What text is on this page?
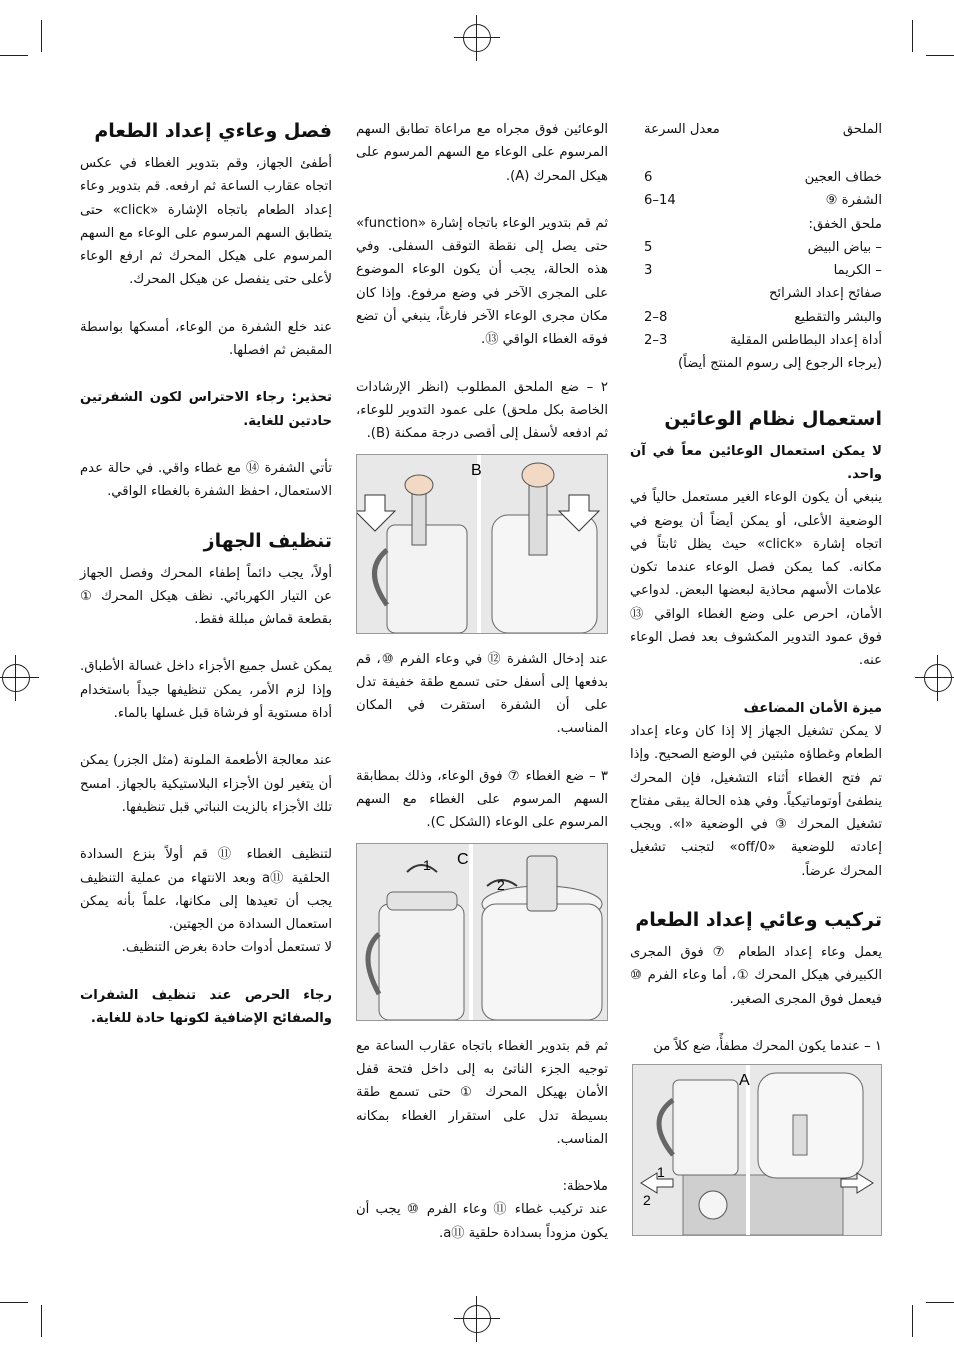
الملحق	معدل السرعة
خطاف العجين	6
الشفرة ⑨	6–14
ملحق الخفق:	
– بياض البيض	5
– الكريما	3
صفائح إعداد الشرائح	
والبشر والتقطيع	2–8
أداة إعداد البطاطس المقلية	2–3
(يرجاء الرجوع إلى رسوم المنتج أيضاً)
استعمال نظام الوعائين

لا يمكن استعمال الوعائين معاً في آن واحد.

ينبغي أن يكون الوعاء الغير مستعمل حالياً في الوضعية الأعلى، أو يمكن أيضاً أن يوضع في اتجاه إشارة «click» حيث يظل ثابتاً في مكانه. كما يمكن فصل الوعاء عندما تكون علامات الأسهم محاذية لبعضها البعض. لدواعي الأمان، احرص على وضع الغطاء الواقي ⑬ فوق عمود التدوير المكشوف بعد فصل الوعاء عنه.

ميزة الأمان المضاعف

لا يمكن تشغيل الجهاز إلا إذا كان وعاء إعداد الطعام وغطاؤه مثبتين في الوضع الصحيح. وإذا تم فتح الغطاء أثناء التشغيل، فإن المحرك ينطفئ أوتوماتيكياً. وفي هذه الحالة يبقى مفتاح تشغيل المحرك ③ في الوضعية «I». ويجب إعادته للوضعية «off/0» لتجنب تشغيل المحرك عرضاً.

تركيب وعائي إعداد الطعام

يعمل وعاء إعداد الطعام ⑦ فوق المجرى الكبيرفي هيكل المحرك ①، أما وعاء الفرم ⑩ فيعمل فوق المجرى الصغير.

١ – عندما يكون المحرك مطفأً، ضع كلاً من

A
1
2

الوعائين فوق مجراه مع مراعاة تطابق السهم المرسوم على الوعاء مع السهم المرسوم على هيكل المحرك (A).

ثم قم بتدوير الوعاء باتجاه إشارة «function» حتى يصل إلى نقطة التوقف السفلى. وفي هذه الحالة، يجب أن يكون الوعاء الموضوع على المجرى الآخر في وضع مرفوع. وإذا كان مكان مجرى الوعاء الآخر فارغاً، ينبغي أن تضع فوقه الغطاء الواقي ⑬.

٢ – ضع الملحق المطلوب (انظر الإرشادات الخاصة بكل ملحق) على عمود التدوير للوعاء، ثم ادفعه لأسفل إلى أقصى درجة ممكنة (B).

B

عند إدخال الشفرة ⑫ في وعاء الفرم ⑩، قم بدفعها إلى أسفل حتى تسمع طقة خفيفة تدل على أن الشفرة استقرت في المكان المناسب.

٣ – ضع الغطاء ⑦ فوق الوعاء، وذلك بمطابقة السهم المرسوم على الغطاء مع السهم المرسوم على الوعاء (الشكل C).

C
1
2

ثم قم بتدوير الغطاء باتجاه عقارب الساعة مع توجيه الجزء الناتئ به إلى داخل فتحة قفل الأمان بهيكل المحرك ① حتى تسمع طقة بسيطة تدل على استقرار الغطاء بمكانه المناسب.

ملاحظة:

عند تركيب غطاء ⑪ وعاء الفرم ⑩ يجب أن يكون مزوداً بسدادة حلقية ⑪a.

فصل وعاءي إعداد الطعام

أطفئ الجهاز، وقم بتدوير الغطاء في عكس اتجاه عقارب الساعة ثم ارفعه. قم بتدوير وعاء إعداد الطعام باتجاه الإشارة «click» حتى يتطابق السهم المرسوم على الوعاء مع السهم المرسوم على هيكل المحرك ثم ارفع الوعاء لأعلى حتى ينفصل عن هيكل المحرك.

عند خلع الشفرة من الوعاء، أمسكها بواسطة المقبض ثم افصلها.

تحذير: رجاء الاحتراس لكون الشفرتين حادتين للغاية.

تأتي الشفرة ⑭ مع غطاء واقي. في حالة عدم الاستعمال، احفظ الشفرة بالغطاء الواقي.

تنظيف الجهاز

أولاً، يجب دائماً إطفاء المحرك وفصل الجهاز عن التيار الكهربائي. نظف هيكل المحرك ① بقطعة قماش مبللة فقط.

يمكن غسل جميع الأجزاء داخل غسالة الأطباق. وإذا لزم الأمر، يمكن تنظيفها جيداً باستخدام أداة مستوية أو فرشاة قبل غسلها بالماء.

عند معالجة الأطعمة الملونة (مثل الجزر) يمكن أن يتغير لون الأجزاء البلاستيكية بالجهاز. امسح تلك الأجزاء بالزيت النباتي قبل تنظيفها.

لتنظيف الغطاء ⑪ قم أولاً بنزع السدادة الحلقية ⑪a وبعد الانتهاء من عملية التنظيف يجب أن تعيدها إلى مكانها، علماً بأنه يمكن استعمال السدادة من الجهتين.

لا تستعمل أدوات حادة بغرض التنظيف.

رجاء الحرص عند تنظيف الشفرات والصفائح الإضافية لكونها حادة للغاية.
